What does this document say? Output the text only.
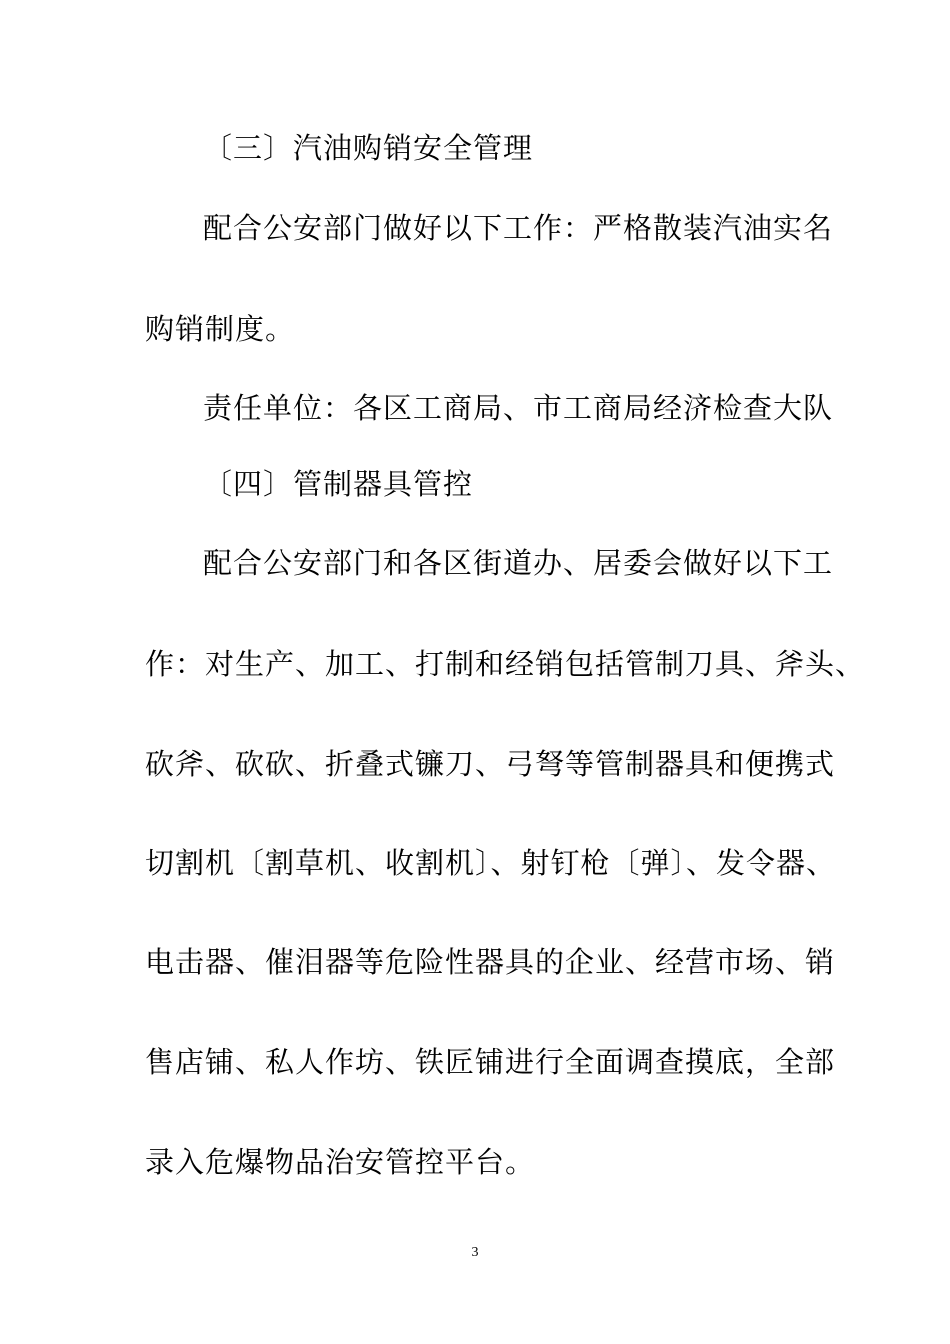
〔三〕汽油购销安全管理
配合公安部门做好以下工作：严格散装汽油实名
购销制度。
责任单位：各区工商局、市工商局经济检查大队
〔四〕管制器具管控
配合公安部门和各区街道办、居委会做好以下工
作：对生产、加工、打制和经销包括管制刀具、斧头、
砍斧、砍砍、折叠式镰刀、弓弩等管制器具和便携式
切割机〔割草机、收割机〕、射钉枪〔弹〕、发令器、
电击器、催泪器等危险性器具的企业、经营市场、销
售店铺、私人作坊、铁匠铺进行全面调查摸底，全部
录入危爆物品治安管控平台。
3
